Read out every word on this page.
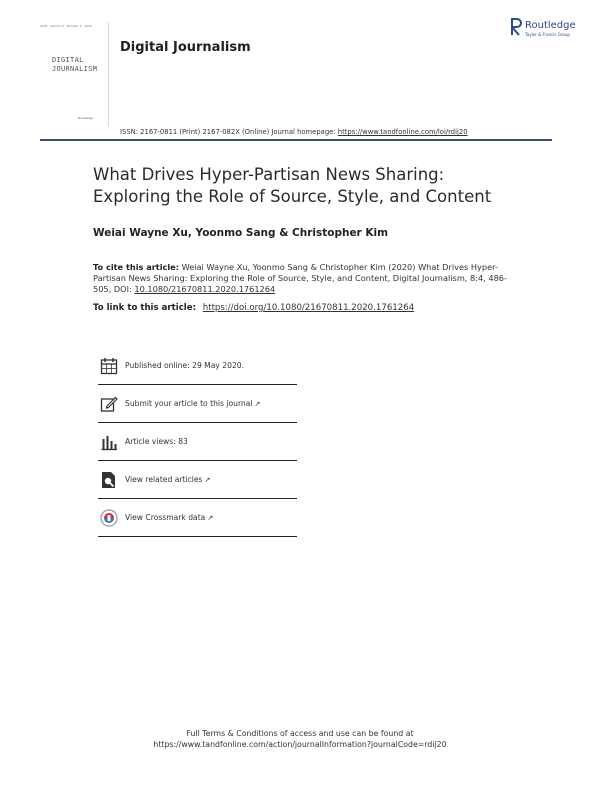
ISSN · Volume 8 · Number 4 · 2020
DIGITAL
JOURNALISM
Routledge
Digital Journalism
Routledge
Taylor & Francis Group
ISSN: 2167-0811 (Print) 2167-082X (Online) Journal homepage: https://www.tandfonline.com/loi/rdij20
What Drives Hyper-Partisan News Sharing:
Exploring the Role of Source, Style, and Content
Weiai Wayne Xu, Yoonmo Sang & Christopher Kim
To cite this article: Weiai Wayne Xu, Yoonmo Sang & Christopher Kim (2020) What Drives Hyper-Partisan News Sharing: Exploring the Role of Source, Style, and Content, Digital Journalism, 8:4, 486-505, DOI: 10.1080/21670811.2020.1761264
To link to this article: https://doi.org/10.1080/21670811.2020.1761264
Published online: 29 May 2020.
Submit your article to this journal ↗
Article views: 83
View related articles ↗
View Crossmark data ↗
Full Terms & Conditions of access and use can be found at
https://www.tandfonline.com/action/journalInformation?journalCode=rdij20
